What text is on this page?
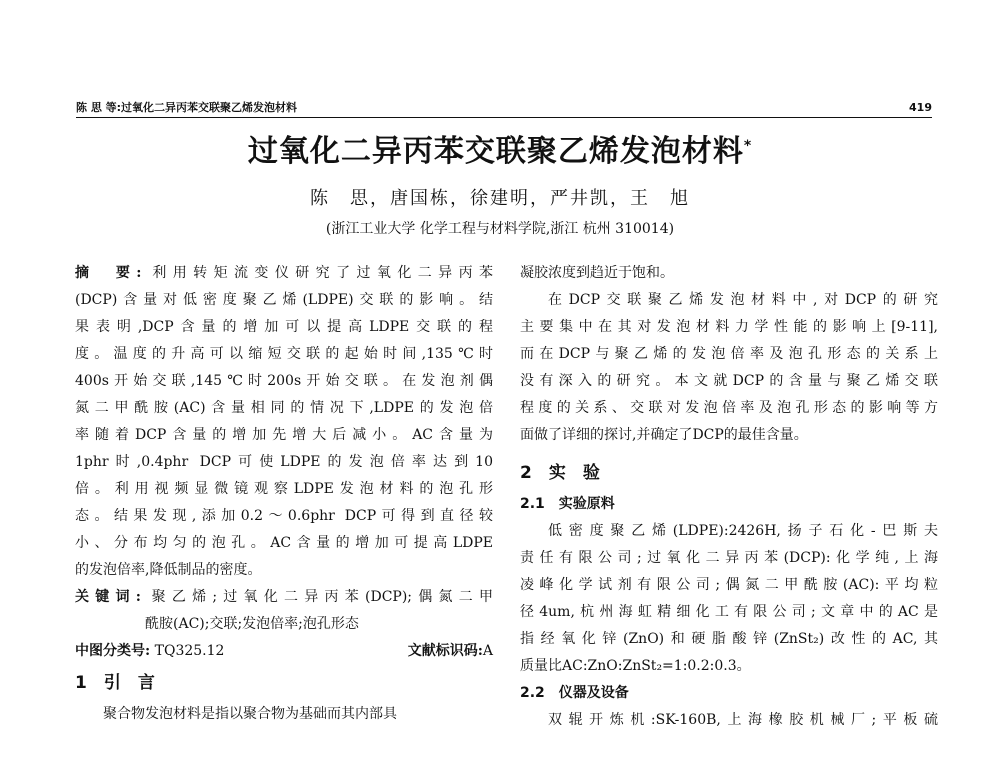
陈 思 等:过氧化二异丙苯交联聚乙烯发泡材料	419
过氧化二异丙苯交联聚乙烯发泡材料*
陈　思，唐国栋，徐建明，严井凯，王　旭
(浙江工业大学 化学工程与材料学院,浙江 杭州 310014)
摘　要: 利用转矩流变仪研究了过氧化二异丙苯
(DCP)含量对低密度聚乙烯(LDPE)交联的影响。结
果表明,DCP含量的增加可以提高LDPE交联的程
度。温度的升高可以缩短交联的起始时间,135℃时
400s开始交联,145℃时200s开始交联。在发泡剂偶
氮二甲酰胺(AC)含量相同的情况下,LDPE的发泡倍
率随着DCP含量的增加先增大后减小。AC含量为
1phr时,0.4phr DCP可使LDPE的发泡倍率达到10
倍。利用视频显微镜观察LDPE发泡材料的泡孔形
态。结果发现,添加0.2～0.6phr DCP可得到直径较
小、分布均匀的泡孔。AC含量的增加可提高LDPE
的发泡倍率,降低制品的密度。
关键词: 聚乙烯;过氧化二异丙苯(DCP);偶氮二甲
酰胺(AC);交联;发泡倍率;泡孔形态
中图分类号: TQ325.12	文献标识码:A
1　引　言
聚合物发泡材料是指以聚合物为基础而其内部具
凝胶浓度到趋近于饱和。
在DCP交联聚乙烯发泡材料中,对DCP的研究
主要集中在其对发泡材料力学性能的影响上[9-11],
而在DCP与聚乙烯的发泡倍率及泡孔形态的关系上
没有深入的研究。本文就DCP的含量与聚乙烯交联
程度的关系、交联对发泡倍率及泡孔形态的影响等方
面做了详细的探讨,并确定了DCP的最佳含量。
2　实　验
2.1　实验原料
低密度聚乙烯(LDPE):2426H,扬子石化-巴斯夫
责任有限公司;过氧化二异丙苯(DCP):化学纯,上海
凌峰化学试剂有限公司;偶氮二甲酰胺(AC):平均粒
径4um,杭州海虹精细化工有限公司;文章中的AC是
指经氧化锌(ZnO)和硬脂酸锌(ZnSt₂)改性的AC,其
质量比AC:ZnO:ZnSt₂=1:0.2:0.3。
2.2　仪器及设备
双辊开炼机:SK-160B,上海橡胶机械厂;平板硫
